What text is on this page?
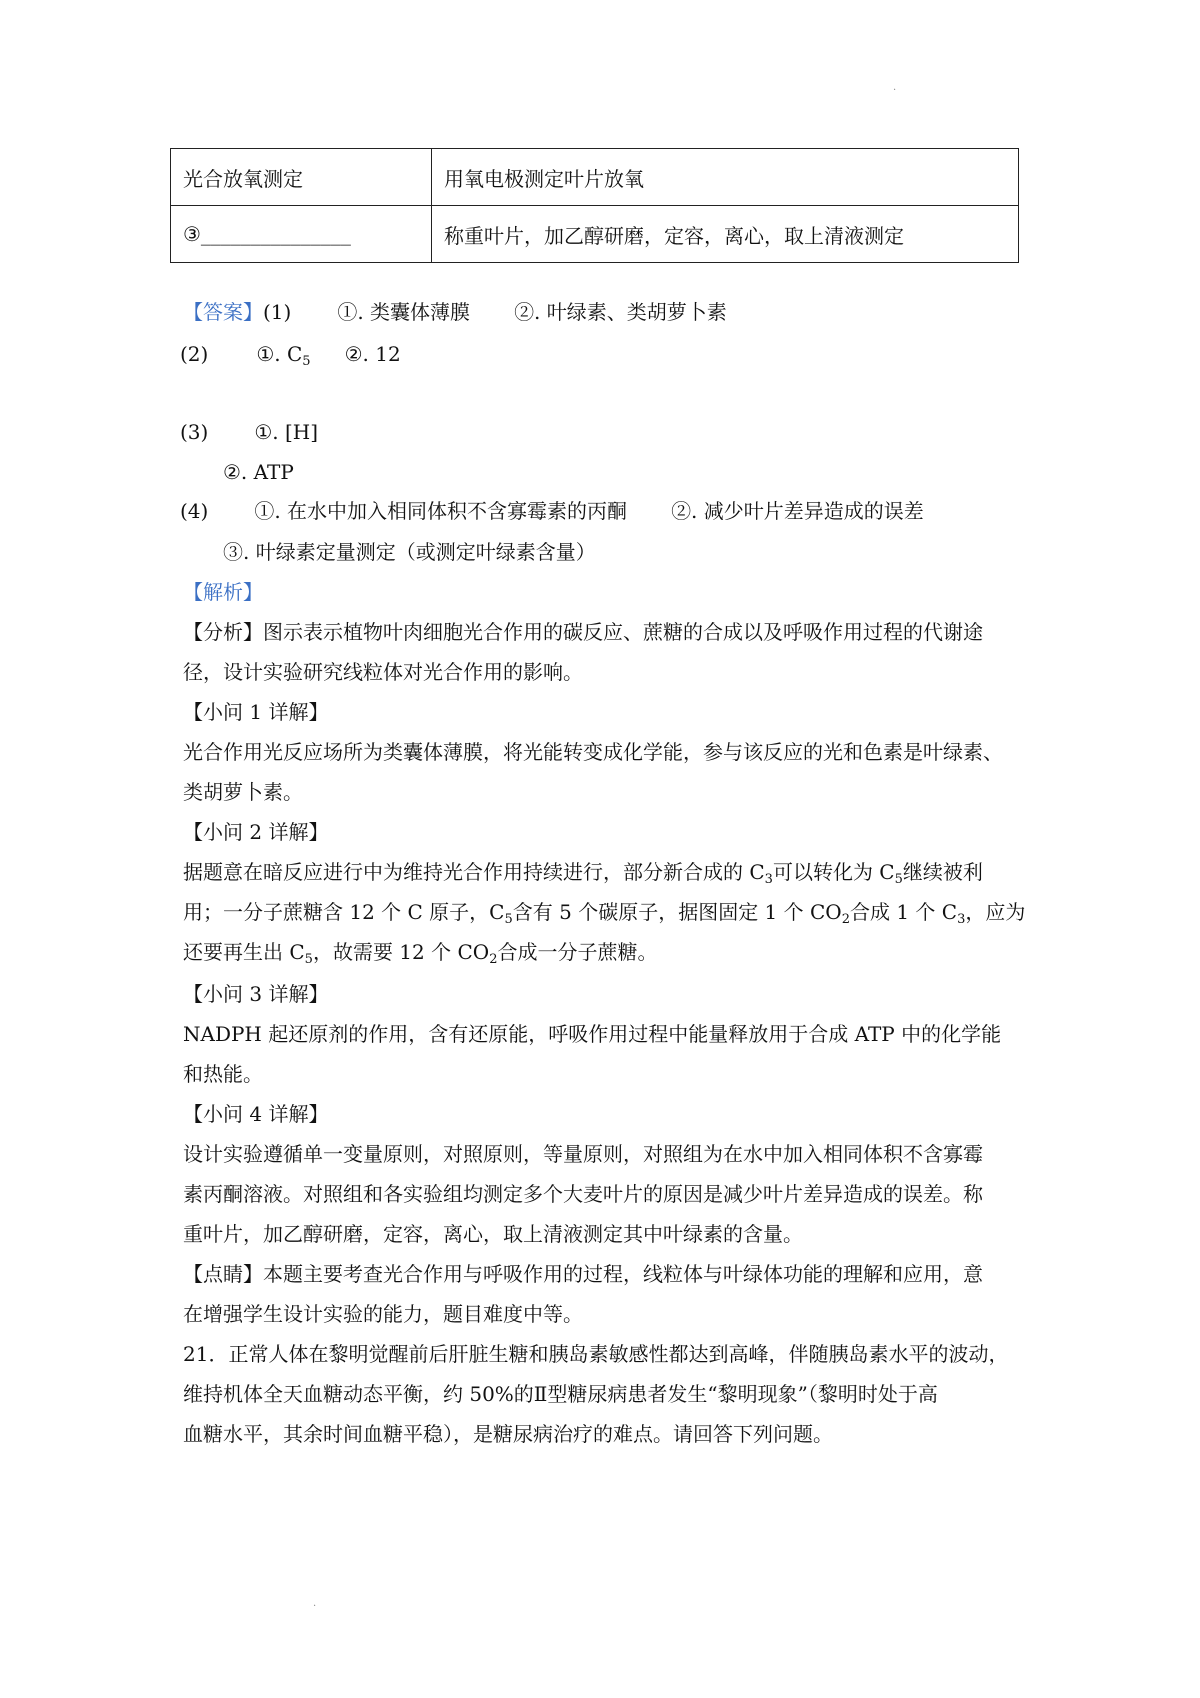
.
光合放氧测定	用氧电极测定叶片放氧
③_______________	称重叶片，加乙醇研磨，定容，离心，取上清液测定
【答案】(1) ①. 类囊体薄膜 ②. 叶绿素、类胡萝卜素
(2) ①. $C_5$ ②. 12
(3) ①. [H]
②. ATP
(4) ①. 在水中加入相同体积不含寡霉素的丙酮 ②. 减少叶片差异造成的误差
③. 叶绿素定量测定（或测定叶绿素含量）
【解析】
【分析】图示表示植物叶肉细胞光合作用的碳反应、蔗糖的合成以及呼吸作用过程的代谢途
径，设计实验研究线粒体对光合作用的影响。
【小问 1 详解】
光合作用光反应场所为类囊体薄膜，将光能转变成化学能，参与该反应的光和色素是叶绿素、
类胡萝卜素。
【小问 2 详解】
据题意在暗反应进行中为维持光合作用持续进行，部分新合成的 $C_3$可以转化为 $C_5$继续被利
用；一分子蔗糖含 12 个 C 原子，$C_5$含有 5 个碳原子，据图固定 1 个 $CO_2$合成 1 个 $C_3$，应为
还要再生出 $C_5$，故需要 12 个 $CO_2$合成一分子蔗糖。
【小问 3 详解】
NADPH 起还原剂的作用，含有还原能，呼吸作用过程中能量释放用于合成 ATP 中的化学能
和热能。
【小问 4 详解】
设计实验遵循单一变量原则，对照原则，等量原则，对照组为在水中加入相同体积不含寡霉
素丙酮溶液。对照组和各实验组均测定多个大麦叶片的原因是减少叶片差异造成的误差。称
重叶片，加乙醇研磨，定容，离心，取上清液测定其中叶绿素的含量。
【点睛】本题主要考查光合作用与呼吸作用的过程，线粒体与叶绿体功能的理解和应用，意
在增强学生设计实验的能力，题目难度中等。
21．正常人体在黎明觉醒前后肝脏生糖和胰岛素敏感性都达到高峰，伴随胰岛素水平的波动，
维持机体全天血糖动态平衡，约 50%的Ⅱ型糖尿病患者发生“黎明现象”（黎明时处于高
血糖水平，其余时间血糖平稳），是糖尿病治疗的难点。请回答下列问题。
.
